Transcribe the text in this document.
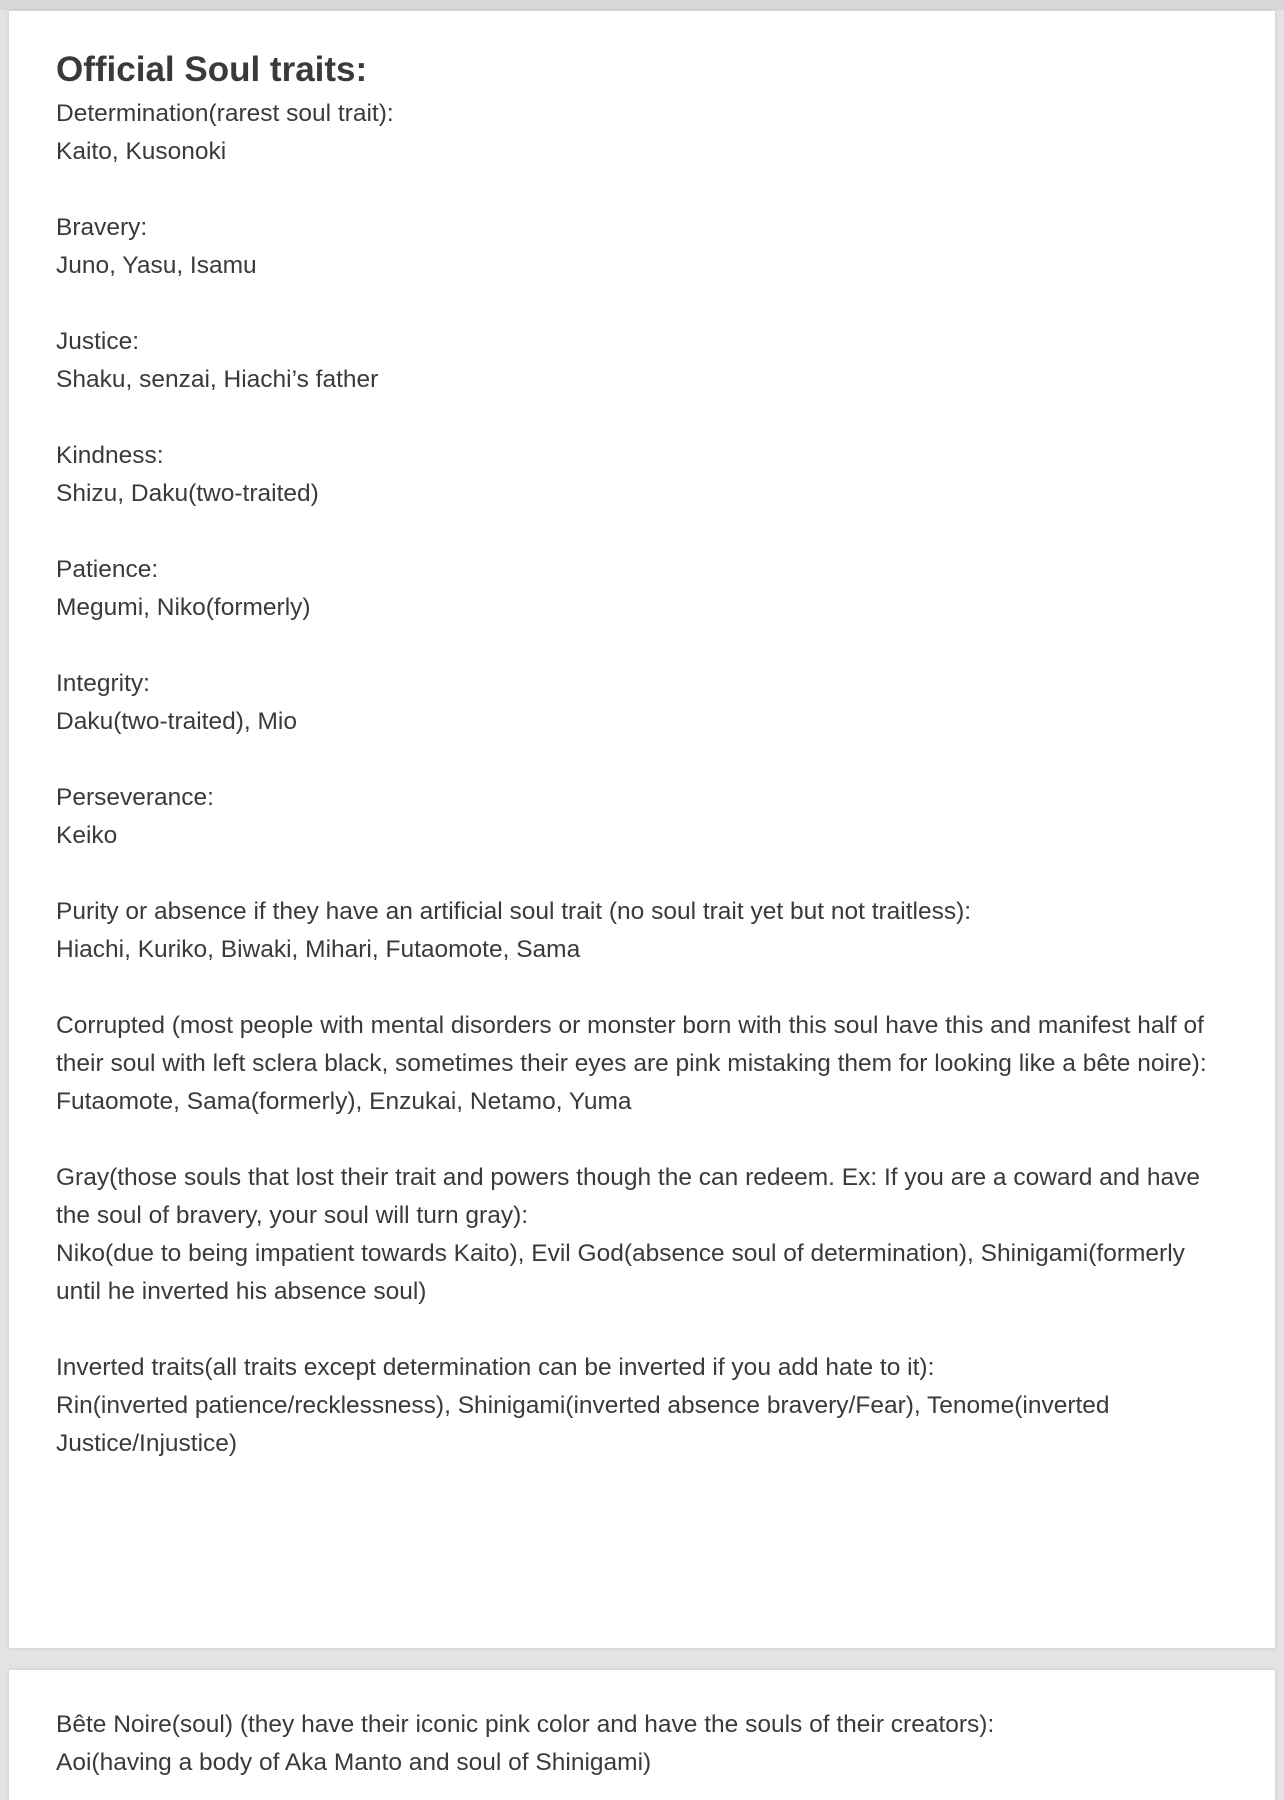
Official Soul traits:
Determination(rarest soul trait):
Kaito, Kusonoki
Bravery:
Juno, Yasu, Isamu
Justice:
Shaku, senzai, Hiachi’s father
Kindness:
Shizu, Daku(two-traited)
Patience:
Megumi, Niko(formerly)
Integrity:
Daku(two-traited), Mio
Perseverance:
Keiko
Purity or absence if they have an artificial soul trait (no soul trait yet but not traitless):
Hiachi, Kuriko, Biwaki, Mihari, Futaomote, Sama
Corrupted (most people with mental disorders or monster born with this soul have this and manifest half of their soul with left sclera black, sometimes their eyes are pink mistaking them for looking like a bête noire):
Futaomote, Sama(formerly), Enzukai, Netamo, Yuma
Gray(those souls that lost their trait and powers though the can redeem. Ex: If you are a coward and have the soul of bravery, your soul will turn gray):
Niko(due to being impatient towards Kaito), Evil God(absence soul of determination), Shinigami(formerly until he inverted his absence soul)
Inverted traits(all traits except determination can be inverted if you add hate to it):
Rin(inverted patience/recklessness), Shinigami(inverted absence bravery/Fear), Tenome(inverted Justice/Injustice)
Bête Noire(soul) (they have their iconic pink color and have the souls of their creators):
Aoi(having a body of Aka Manto and soul of Shinigami)
